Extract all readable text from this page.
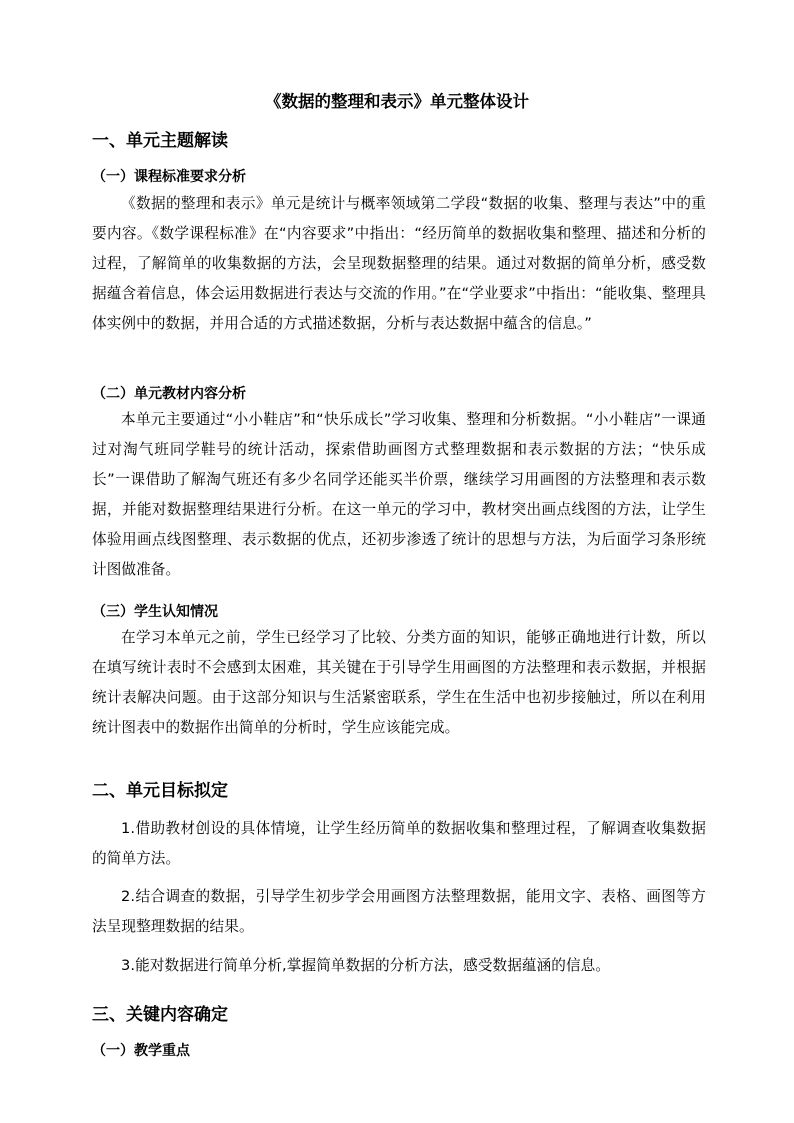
《数据的整理和表示》单元整体设计
一、单元主题解读
（一）课程标准要求分析

《数据的整理和表示》单元是统计与概率领域第二学段“数据的收集、整理与表达”中的重要内容。《数学课程标准》在“内容要求”中指出：“经历简单的数据收集和整理、描述和分析的过程，了解简单的收集数据的方法，会呈现数据整理的结果。通过对数据的简单分析，感受数据蕴含着信息，体会运用数据进行表达与交流的作用。”在“学业要求”中指出：“能收集、整理具体实例中的数据，并用合适的方式描述数据，分析与表达数据中蕴含的信息。”

（二）单元教材内容分析

本单元主要通过“小小鞋店”和“快乐成长”学习收集、整理和分析数据。“小小鞋店”一课通过对淘气班同学鞋号的统计活动，探索借助画图方式整理数据和表示数据的方法；“快乐成长”一课借助了解淘气班还有多少名同学还能买半价票，继续学习用画图的方法整理和表示数据，并能对数据整理结果进行分析。在这一单元的学习中，教材突出画点线图的方法，让学生体验用画点线图整理、表示数据的优点，还初步渗透了统计的思想与方法，为后面学习条形统计图做准备。

（三）学生认知情况

在学习本单元之前，学生已经学习了比较、分类方面的知识，能够正确地进行计数，所以在填写统计表时不会感到太困难，其关键在于引导学生用画图的方法整理和表示数据，并根据统计表解决问题。由于这部分知识与生活紧密联系，学生在生活中也初步接触过，所以在利用统计图表中的数据作出简单的分析时，学生应该能完成。

二、单元目标拟定

1.借助教材创设的具体情境，让学生经历简单的数据收集和整理过程，了解调查收集数据的简单方法。

2.结合调查的数据，引导学生初步学会用画图方法整理数据，能用文字、表格、画图等方法呈现整理数据的结果。

3.能对数据进行简单分析,掌握简单数据的分析方法，感受数据蕴涵的信息。

三、关键内容确定
（一）教学重点
